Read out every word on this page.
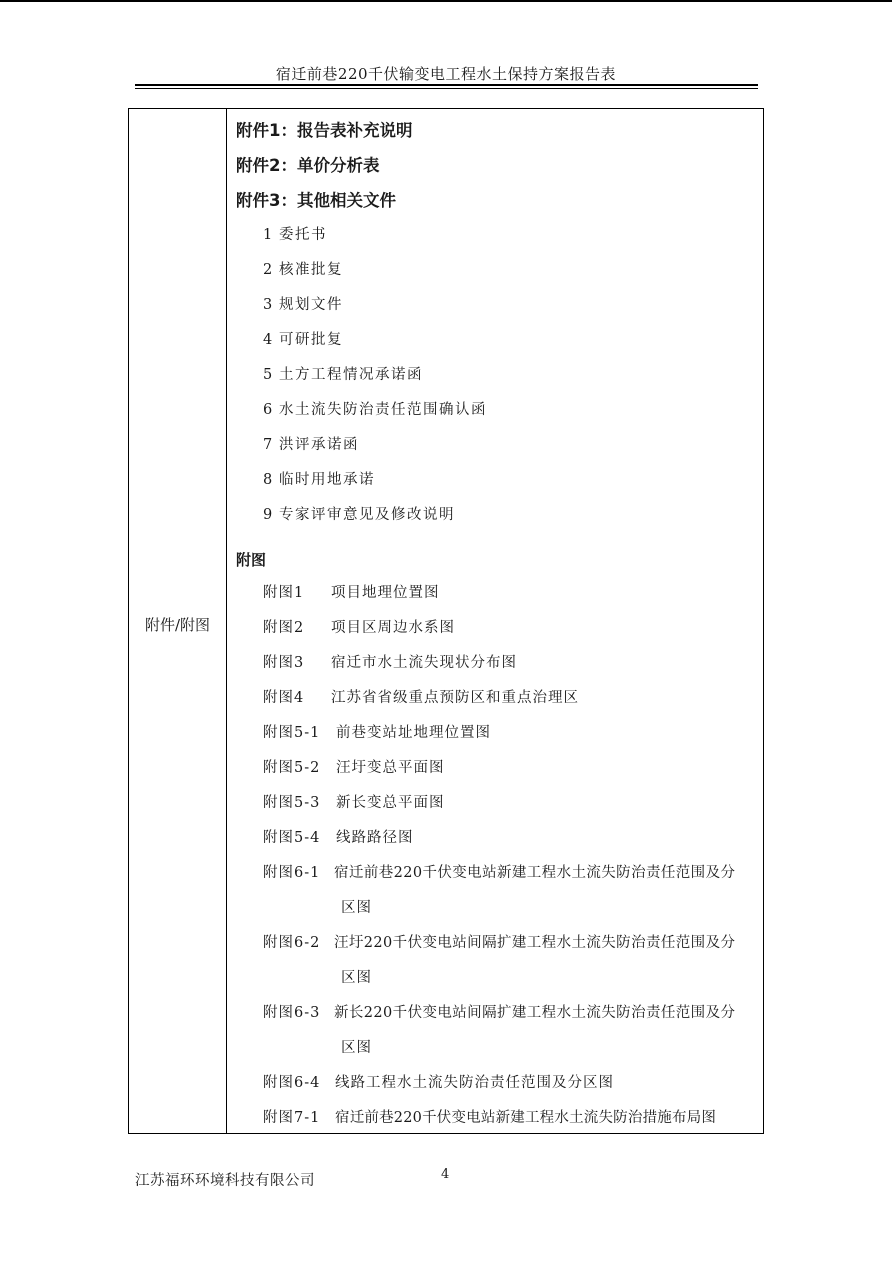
宿迁前巷220千伏输变电工程水土保持方案报告表
附件/附图
附件1：报告表补充说明
附件2：单价分析表
附件3：其他相关文件
1 委托书
2 核准批复
3 规划文件
4 可研批复
5 土方工程情况承诺函
6 水土流失防治责任范围确认函
7 洪评承诺函
8 临时用地承诺
9 专家评审意见及修改说明
附图
附图1 项目地理位置图
附图2 项目区周边水系图
附图3 宿迁市水土流失现状分布图
附图4 江苏省省级重点预防区和重点治理区
附图5-1 前巷变站址地理位置图
附图5-2 汪圩变总平面图
附图5-3 新长变总平面图
附图5-4 线路路径图
附图6-1 宿迁前巷220千伏变电站新建工程水土流失防治责任范围及分
区图
附图6-2 汪圩220千伏变电站间隔扩建工程水土流失防治责任范围及分
区图
附图6-3 新长220千伏变电站间隔扩建工程水土流失防治责任范围及分
区图
附图6-4 线路工程水土流失防治责任范围及分区图
附图7-1 宿迁前巷220千伏变电站新建工程水土流失防治措施布局图
江苏福环环境科技有限公司	4
